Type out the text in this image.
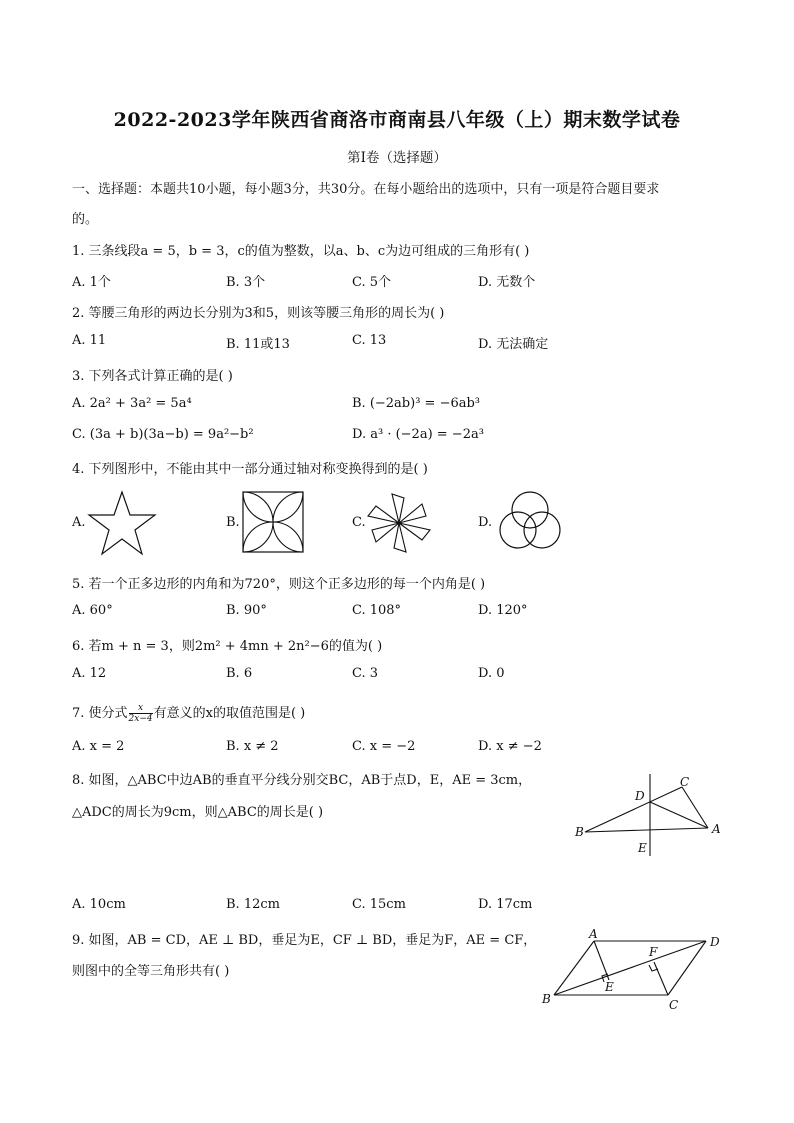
2022-2023学年陕西省商洛市商南县八年级（上）期末数学试卷
第Ⅰ卷（选择题）
一、选择题：本题共10小题，每小题3分，共30分。在每小题给出的选项中，只有一项是符合题目要求
的。
1. 三条线段a = 5，b = 3，c的值为整数，以a、b、c为边可组成的三角形有( )
A. 1个	B. 3个	C. 5个	D. 无数个
2. 等腰三角形的两边长分别为3和5，则该等腰三角形的周长为( )
A. 11	B. 11或13	C. 13	D. 无法确定
3. 下列各式计算正确的是( )
A. 2a² + 3a² = 5a⁴	B. (−2ab)³ = −6ab³
C. (3a + b)(3a−b) = 9a²−b²	D. a³ · (−2a) = −2a³
4. 下列图形中，不能由其中一部分通过轴对称变换得到的是( )
A.	B.	C.	D.
5. 若一个正多边形的内角和为720°，则这个正多边形的每一个内角是( )
A. 60°	B. 90°	C. 108°	D. 120°
6. 若m + n = 3，则2m² + 4mn + 2n²−6的值为( )
A. 12	B. 6	C. 3	D. 0
7. 使分式 $\frac{x}{2x-4}$ 有意义的x的取值范围是( )
A. x = 2	B. x ≠ 2	C. x = −2	D. x ≠ −2
8. 如图，△ABC中边AB的垂直平分线分别交BC，AB于点D，E，AE = 3cm，
△ADC的周长为9cm，则△ABC的周长是( )
B	A
C
D
E
A. 10cm	B. 12cm	C. 15cm	D. 17cm
9. 如图，AB = CD，AE ⊥ BD，垂足为E，CF ⊥ BD，垂足为F，AE = CF，
则图中的全等三角形共有( )
A
B	C
D
E
F
